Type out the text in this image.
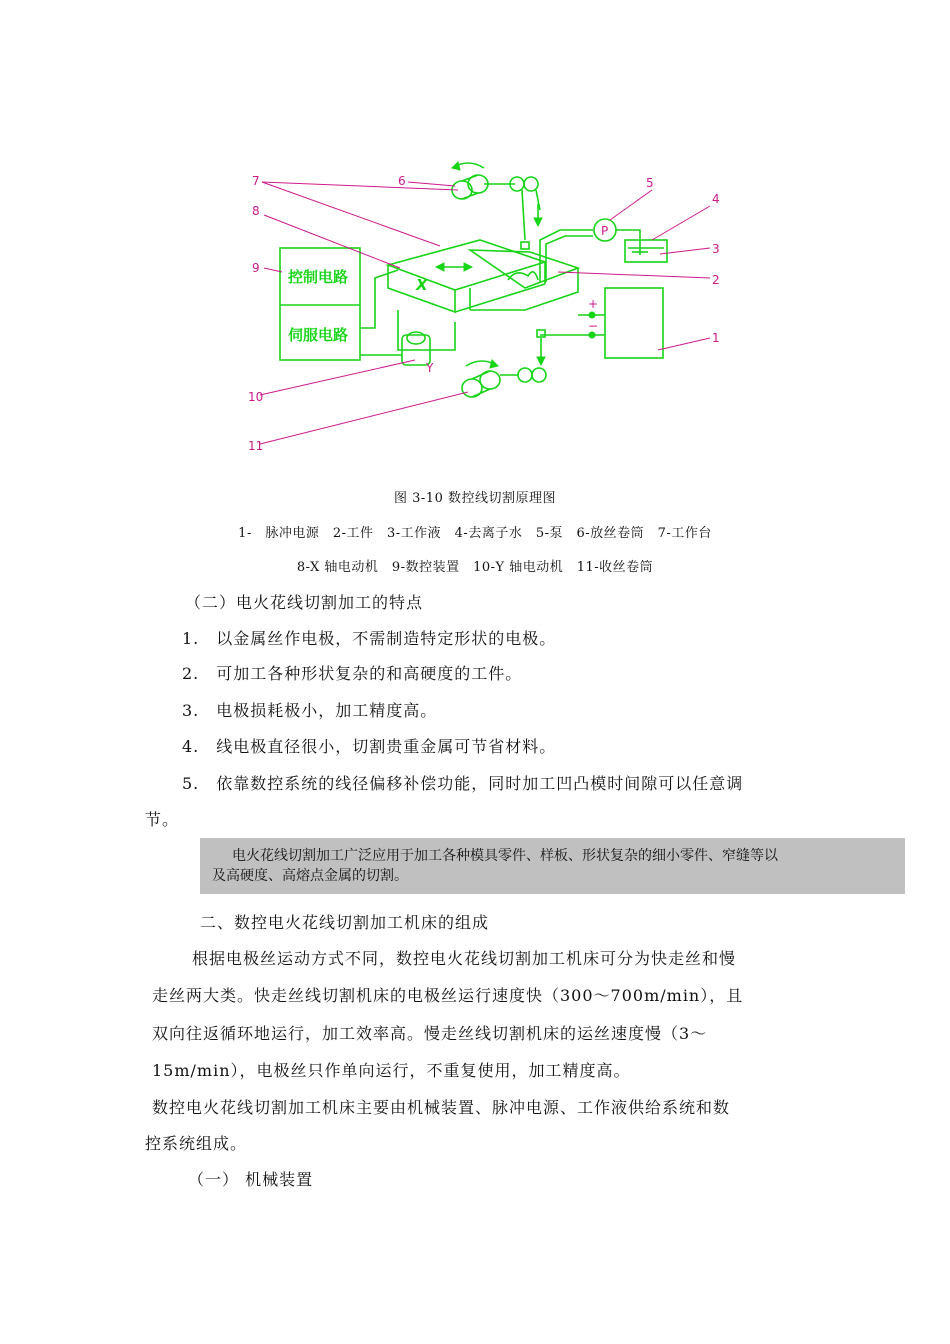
控制电路
伺服电路
X
Y
P
+
−
7
8
9
10
11
6	5
4
3
2
1
图 3-10 数控线切割原理图
1-　脉冲电源　2-工件　3-工作液　4-去离子水　5-泵　6-放丝卷筒　7-工作台
8-X 轴电动机　9-数控装置　10-Y 轴电动机　11-收丝卷筒
（二）电火花线切割加工的特点
1.　以金属丝作电极，不需制造特定形状的电极。
2.　可加工各种形状复杂的和高硬度的工件。
3.　电极损耗极小，加工精度高。
4.　线电极直径很小，切割贵重金属可节省材料。
5.　依靠数控系统的线径偏移补偿功能，同时加工凹凸模时间隙可以任意调
节。

电火花线切割加工广泛应用于加工各种模具零件、样板、形状复杂的细小零件、窄缝等以

及高硬度、高熔点金属的切割。

二、数控电火花线切割加工机床的组成
根据电极丝运动方式不同，数控电火花线切割加工机床可分为快走丝和慢
走丝两大类。快走丝线切割机床的电极丝运行速度快（300～700m/min），且
双向往返循环地运行，加工效率高。慢走丝线切割机床的运丝速度慢（3～
15m/min），电极丝只作单向运行，不重复使用，加工精度高。
数控电火花线切割加工机床主要由机械装置、脉冲电源、工作液供给系统和数
控系统组成。
（一） 机械装置
